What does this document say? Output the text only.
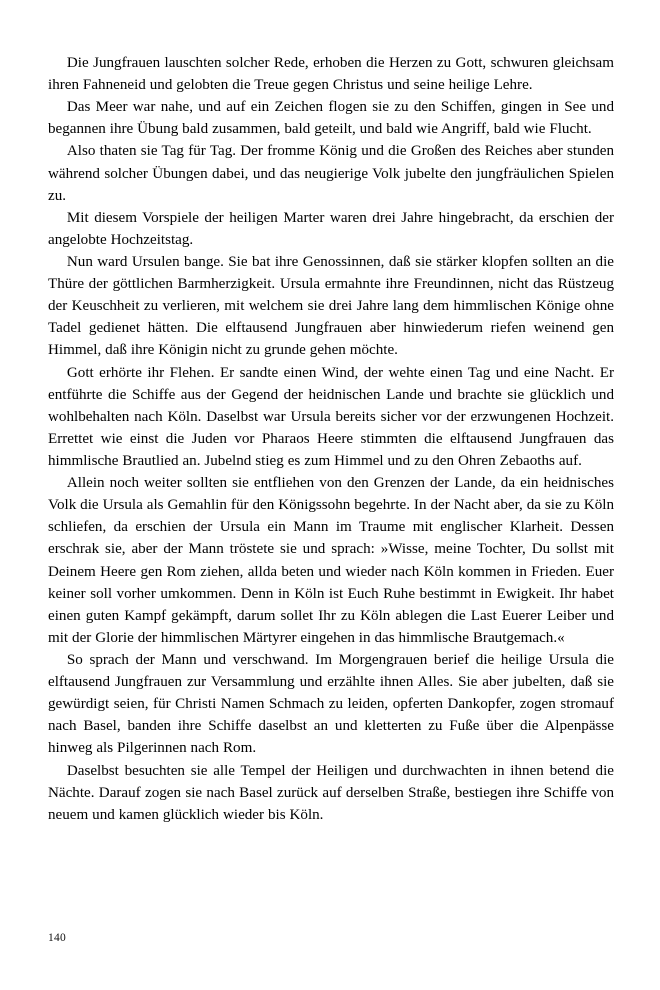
Die Jungfrauen lauschten solcher Rede, erhoben die Herzen zu Gott, schwuren gleichsam ihren Fahneneid und gelobten die Treue gegen Christus und seine heilige Lehre.

Das Meer war nahe, und auf ein Zeichen flogen sie zu den Schiffen, gingen in See und begannen ihre Übung bald zusammen, bald geteilt, und bald wie Angriff, bald wie Flucht.

Also thaten sie Tag für Tag. Der fromme König und die Großen des Reiches aber stunden während solcher Übungen dabei, und das neugierige Volk jubelte den jungfräulichen Spielen zu.

Mit diesem Vorspiele der heiligen Marter waren drei Jahre hingebracht, da erschien der angelobte Hochzeitstag.

Nun ward Ursulen bange. Sie bat ihre Genossinnen, daß sie stärker klopfen sollten an die Thüre der göttlichen Barmherzigkeit. Ursula ermahnte ihre Freundinnen, nicht das Rüstzeug der Keuschheit zu verlieren, mit welchem sie drei Jahre lang dem himmlischen Könige ohne Tadel gedienet hätten. Die elftausend Jungfrauen aber hinwiederum riefen weinend gen Himmel, daß ihre Königin nicht zu grunde gehen möchte.

Gott erhörte ihr Flehen. Er sandte einen Wind, der wehte einen Tag und eine Nacht. Er entführte die Schiffe aus der Gegend der heidnischen Lande und brachte sie glücklich und wohlbehalten nach Köln. Daselbst war Ursula bereits sicher vor der erzwungenen Hochzeit. Errettet wie einst die Juden vor Pharaos Heere stimmten die elftausend Jungfrauen das himmlische Brautlied an. Jubelnd stieg es zum Himmel und zu den Ohren Zebaoths auf.

Allein noch weiter sollten sie entfliehen von den Grenzen der Lande, da ein heidnisches Volk die Ursula als Gemahlin für den Königssohn begehrte. In der Nacht aber, da sie zu Köln schliefen, da erschien der Ursula ein Mann im Traume mit englischer Klarheit. Dessen erschrak sie, aber der Mann tröstete sie und sprach: »Wisse, meine Tochter, Du sollst mit Deinem Heere gen Rom ziehen, allda beten und wieder nach Köln kommen in Frieden. Euer keiner soll vorher umkommen. Denn in Köln ist Euch Ruhe bestimmt in Ewigkeit. Ihr habet einen guten Kampf gekämpft, darum sollet Ihr zu Köln ablegen die Last Euerer Leiber und mit der Glorie der himmlischen Märtyrer eingehen in das himmlische Brautgemach.«

So sprach der Mann und verschwand. Im Morgengrauen berief die heilige Ursula die elftausend Jungfrauen zur Versammlung und erzählte ihnen Alles. Sie aber jubelten, daß sie gewürdigt seien, für Christi Namen Schmach zu leiden, opferten Dankopfer, zogen stromauf nach Basel, banden ihre Schiffe daselbst an und kletterten zu Fuße über die Alpenpässe hinweg als Pilgerinnen nach Rom.

Daselbst besuchten sie alle Tempel der Heiligen und durchwachten in ihnen betend die Nächte. Darauf zogen sie nach Basel zurück auf derselben Straße, bestiegen ihre Schiffe von neuem und kamen glücklich wieder bis Köln.

140
